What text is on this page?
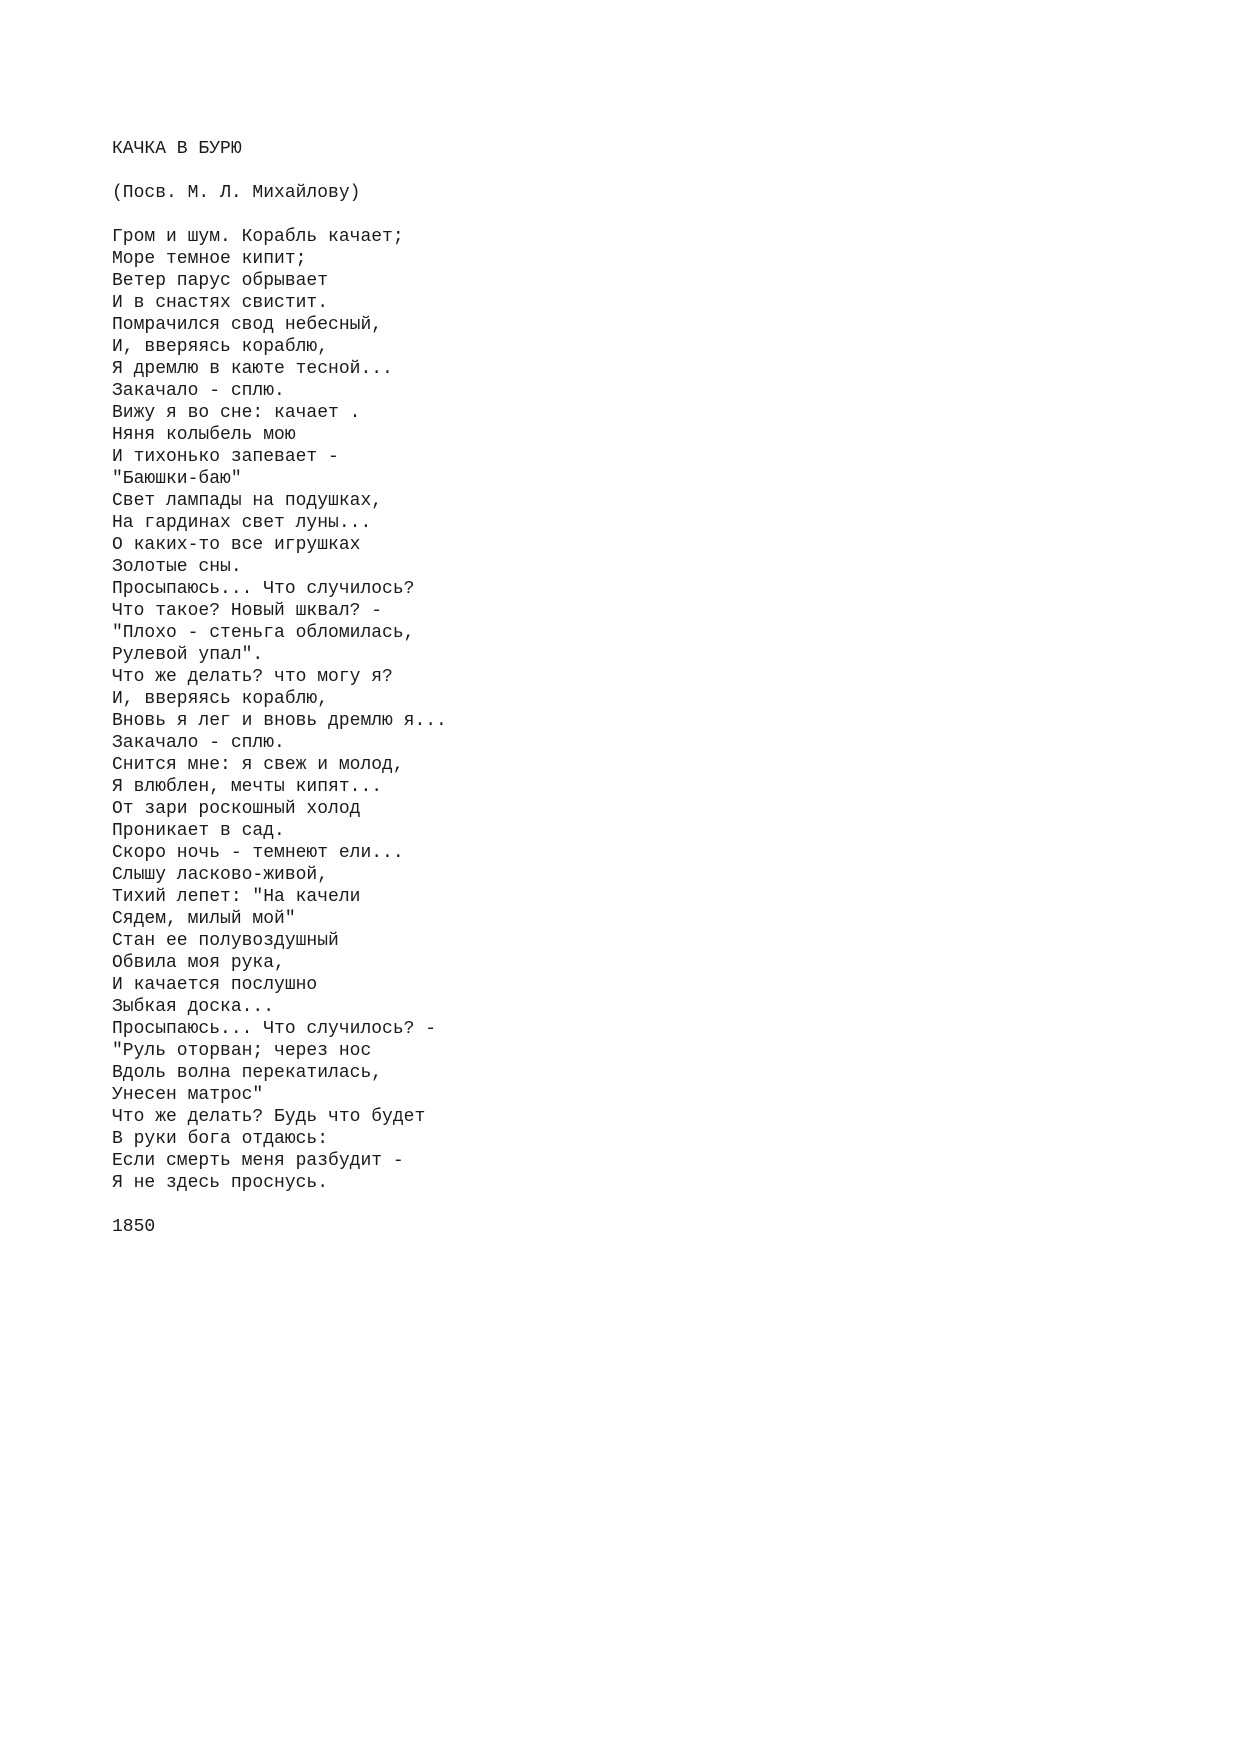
КАЧКА В БУРЮ
(Посв. М. Л. Михайлову)
Гром и шум. Корабль качает;
Море темное кипит;
Ветер парус обрывает
И в снастях свистит.
Помрачился свод небесный,
И, вверяясь кораблю,
Я дремлю в каюте тесной...
Закачало - сплю.
Вижу я во сне: качает .
Няня колыбель мою
И тихонько запевает -
"Баюшки-баю"
Свет лампады на подушках,
На гардинах свет луны...
О каких-то все игрушках
Золотые сны.
Просыпаюсь... Что случилось?
Что такое? Новый шквал? -
"Плохо - стеньга обломилась,
Рулевой упал".
Что же делать? что могу я?
И, вверяясь кораблю,
Вновь я лег и вновь дремлю я...
Закачало - сплю.
Снится мне: я свеж и молод,
Я влюблен, мечты кипят...
От зари роскошный холод
Проникает в сад.
Скоро ночь - темнеют ели...
Слышу ласково-живой,
Тихий лепет: "На качели
Сядем, милый мой"
Стан ее полувоздушный
Обвила моя рука,
И качается послушно
Зыбкая доска...
Просыпаюсь... Что случилось? -
"Руль оторван; через нос
Вдоль волна перекатилась,
Унесен матрос"
Что же делать? Будь что будет
В руки бога отдаюсь:
Если смерть меня разбудит -
Я не здесь проснусь.
1850
